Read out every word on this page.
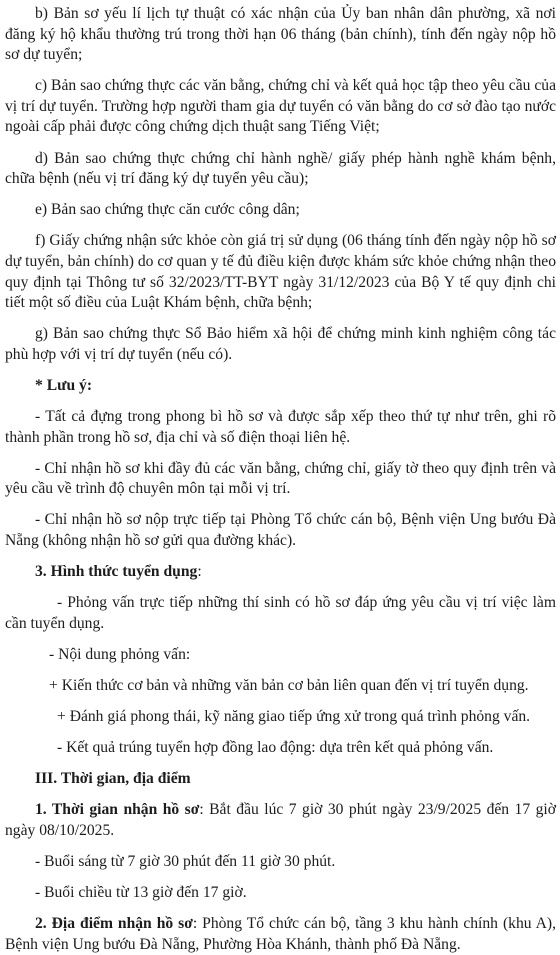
b) Bản sơ yếu lí lịch tự thuật có xác nhận của Ủy ban nhân dân phường, xã nơi đăng ký hộ khẩu thường trú trong thời hạn 06 tháng (bản chính), tính đến ngày nộp hồ sơ dự tuyển;

c) Bản sao chứng thực các văn bằng, chứng chỉ và kết quả học tập theo yêu cầu của vị trí dự tuyển. Trường hợp người tham gia dự tuyển có văn bằng do cơ sở đào tạo nước ngoài cấp phải được công chứng dịch thuật sang Tiếng Việt;

d) Bản sao chứng thực chứng chỉ hành nghề/ giấy phép hành nghề khám bệnh, chữa bệnh (nếu vị trí đăng ký dự tuyển yêu cầu);

e) Bản sao chứng thực căn cước công dân;

f) Giấy chứng nhận sức khỏe còn giá trị sử dụng (06 tháng tính đến ngày nộp hồ sơ dự tuyển, bản chính) do cơ quan y tế đủ điều kiện được khám sức khỏe chứng nhận theo quy định tại Thông tư số 32/2023/TT-BYT ngày 31/12/2023 của Bộ Y tế quy định chi tiết một số điều của Luật Khám bệnh, chữa bệnh;

g) Bản sao chứng thực Sổ Bảo hiểm xã hội để chứng minh kinh nghiệm công tác phù hợp với vị trí dự tuyển (nếu có).

* Lưu ý:

- Tất cả đựng trong phong bì hồ sơ và được sắp xếp theo thứ tự như trên, ghi rõ thành phần trong hồ sơ, địa chỉ và số điện thoại liên hệ.

- Chỉ nhận hồ sơ khi đầy đủ các văn bằng, chứng chỉ, giấy tờ theo quy định trên và yêu cầu về trình độ chuyên môn tại mỗi vị trí.

- Chỉ nhận hồ sơ nộp trực tiếp tại Phòng Tổ chức cán bộ, Bệnh viện Ung bướu Đà Nẵng (không nhận hồ sơ gửi qua đường khác).

3. Hình thức tuyển dụng:

- Phỏng vấn trực tiếp những thí sinh có hồ sơ đáp ứng yêu cầu vị trí việc làm cần tuyển dụng.

- Nội dung phỏng vấn:

+ Kiến thức cơ bản và những văn bản cơ bản liên quan đến vị trí tuyển dụng.

+ Đánh giá phong thái, kỹ năng giao tiếp ứng xử trong quá trình phỏng vấn.

- Kết quả trúng tuyển hợp đồng lao động: dựa trên kết quả phỏng vấn.

III. Thời gian, địa điểm

1. Thời gian nhận hồ sơ: Bắt đầu lúc 7 giờ 30 phút ngày 23/9/2025 đến 17 giờ ngày 08/10/2025.

- Buổi sáng từ 7 giờ 30 phút đến 11 giờ 30 phút.

- Buổi chiều từ 13 giờ đến 17 giờ.

2. Địa điểm nhận hồ sơ: Phòng Tổ chức cán bộ, tầng 3 khu hành chính (khu A), Bệnh viện Ung bướu Đà Nẵng, Phường Hòa Khánh, thành phố Đà Nẵng.
